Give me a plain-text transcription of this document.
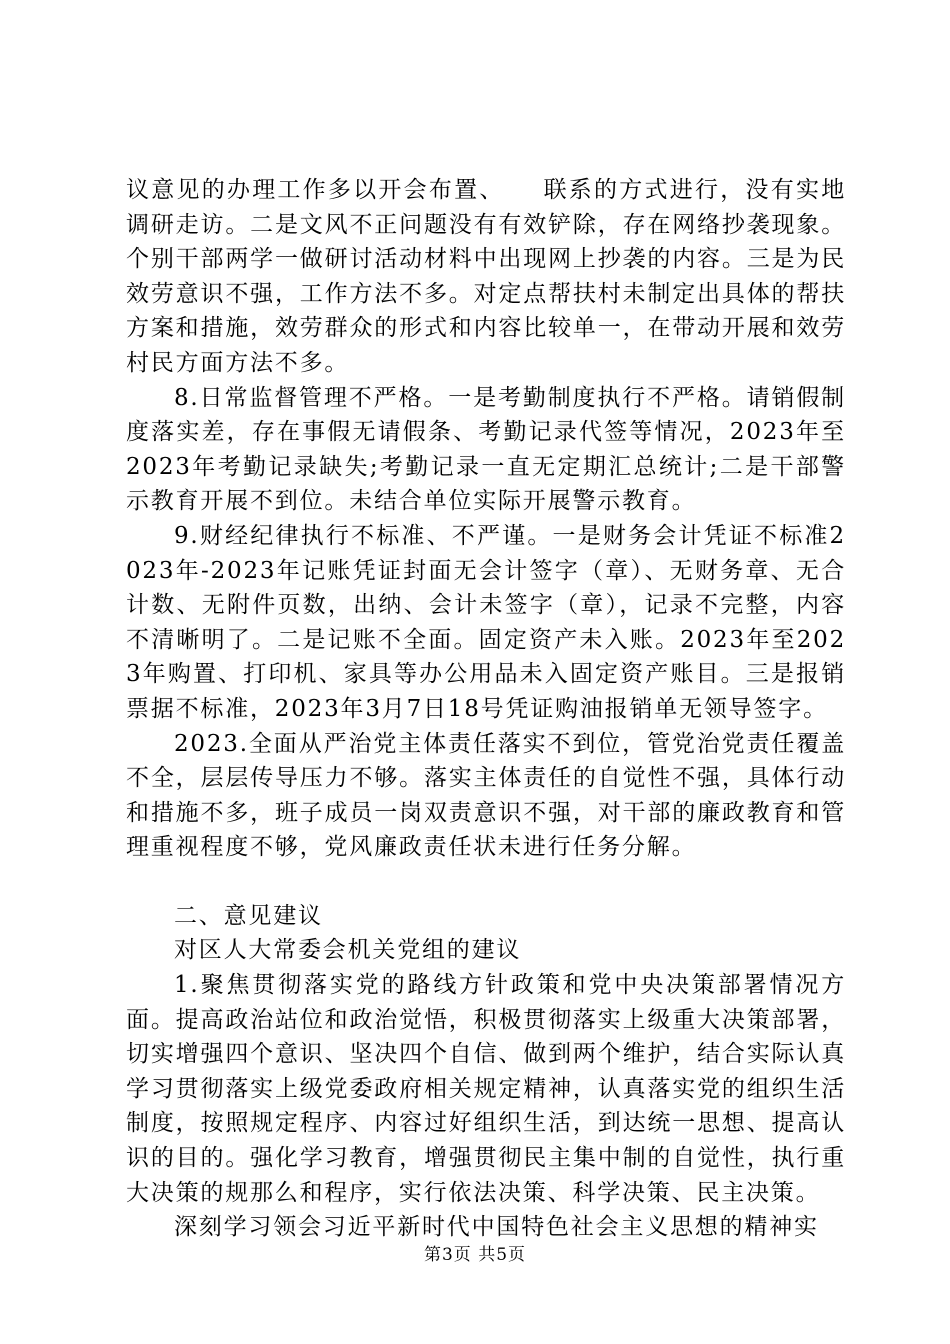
议意见的办理工作多以开会布置、　　联系的方式进行，没有实地调研走访。二是文风不正问题没有有效铲除，存在网络抄袭现象。个别干部两学一做研讨活动材料中出现网上抄袭的内容。三是为民效劳意识不强，工作方法不多。对定点帮扶村未制定出具体的帮扶方案和措施，效劳群众的形式和内容比较单一，在带动开展和效劳村民方面方法不多。

8.日常监督管理不严格。一是考勤制度执行不严格。请销假制度落实差，存在事假无请假条、考勤记录代签等情况，2023年至2023年考勤记录缺失;考勤记录一直无定期汇总统计;二是干部警示教育开展不到位。未结合单位实际开展警示教育。

9.财经纪律执行不标准、不严谨。一是财务会计凭证不标准2023年-2023年记账凭证封面无会计签字（章）、无财务章、无合计数、无附件页数，出纳、会计未签字（章），记录不完整，内容不清晰明了。二是记账不全面。固定资产未入账。2023年至2023年购置、打印机、家具等办公用品未入固定资产账目。三是报销票据不标准，2023年3月7日18号凭证购油报销单无领导签字。

2023.全面从严治党主体责任落实不到位，管党治党责任覆盖不全，层层传导压力不够。落实主体责任的自觉性不强，具体行动和措施不多，班子成员一岗双责意识不强，对干部的廉政教育和管理重视程度不够，党风廉政责任状未进行任务分解。

二、意见建议

对区人大常委会机关党组的建议

1.聚焦贯彻落实党的路线方针政策和党中央决策部署情况方面。提高政治站位和政治觉悟，积极贯彻落实上级重大决策部署，切实增强四个意识、坚决四个自信、做到两个维护，结合实际认真学习贯彻落实上级党委政府相关规定精神，认真落实党的组织生活制度，按照规定程序、内容过好组织生活，到达统一思想、提高认识的目的。强化学习教育，增强贯彻民主集中制的自觉性，执行重大决策的规那么和程序，实行依法决策、科学决策、民主决策。

深刻学习领会习近平新时代中国特色社会主义思想的精神实

第3页 共5页
